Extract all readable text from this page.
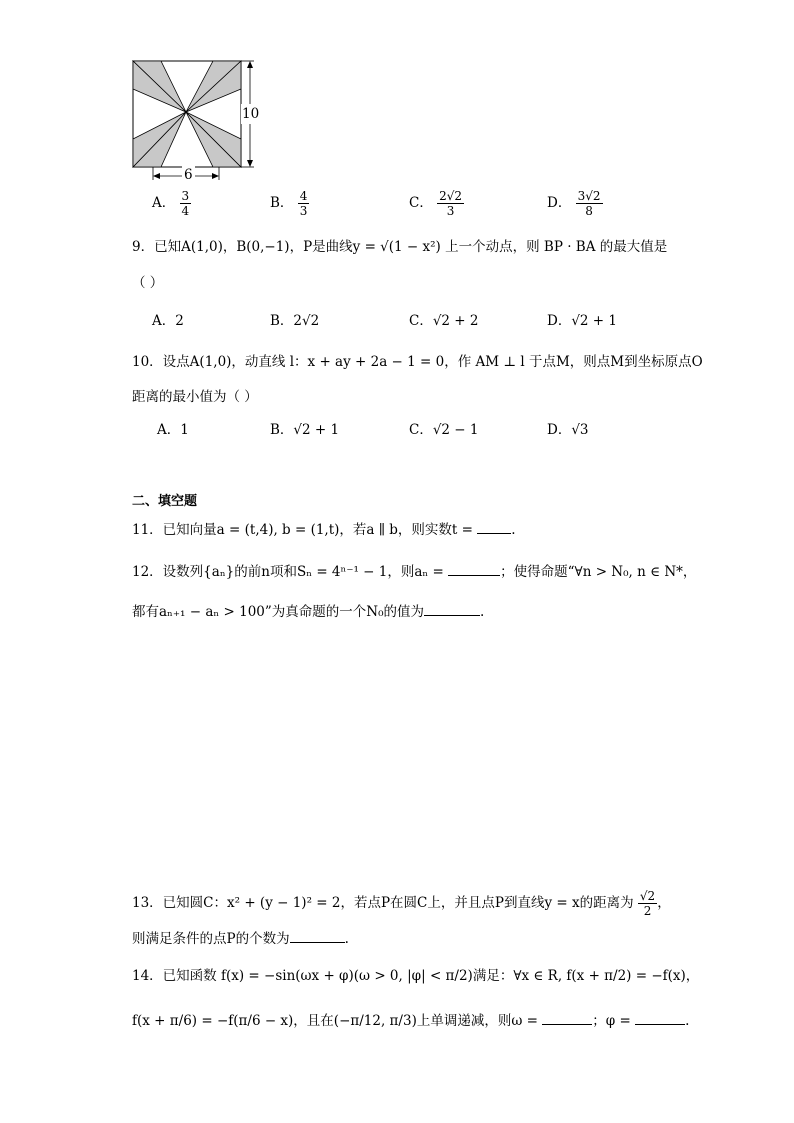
10
6
A． $\frac{3}{4}$	B． $\frac{4}{3}$	C． $\frac{2√2}{3}$	D． $\frac{3√2}{8}$
9．已知A(1,0)，B(0,−1)，P是曲线y = √(1 − x²) 上一个动点，则 BP · BA 的最大值是
（ ）
A．2	B．2√2	C．√2 + 2	D．√2 + 1
10．设点A(1,0)，动直线 l：x + ay + 2a − 1 = 0，作 AM ⊥ l 于点M，则点M到坐标原点O
距离的最小值为（ ）
A．1	B．√2 + 1	C．√2 − 1	D．√3
二、填空题
11．已知向量a = (t,4), b = (1,t)，若a ∥ b，则实数t =	.
12．设数列{aₙ}的前n项和Sₙ = 4ⁿ⁻¹ − 1，则aₙ =	；使得命题“∀n > N₀, n ∈ N*，
都有aₙ₊₁ − aₙ > 100”为真命题的一个N₀的值为	.
13．已知圆C：x² + (y − 1)² = 2，若点P在圆C上，并且点P到直线y = x的距离为 $\frac{√2}{2}$ ，
则满足条件的点P的个数为	.
14．已知函数 f(x) = −sin(ωx + φ)(ω > 0, |φ| < π/2)满足：∀x ∈ R, f(x + π/2) = −f(x)，
f(x + π/6) = −f(π/6 − x)，且在(−π/12, π/3)上单调递减，则ω =	；φ =	.
